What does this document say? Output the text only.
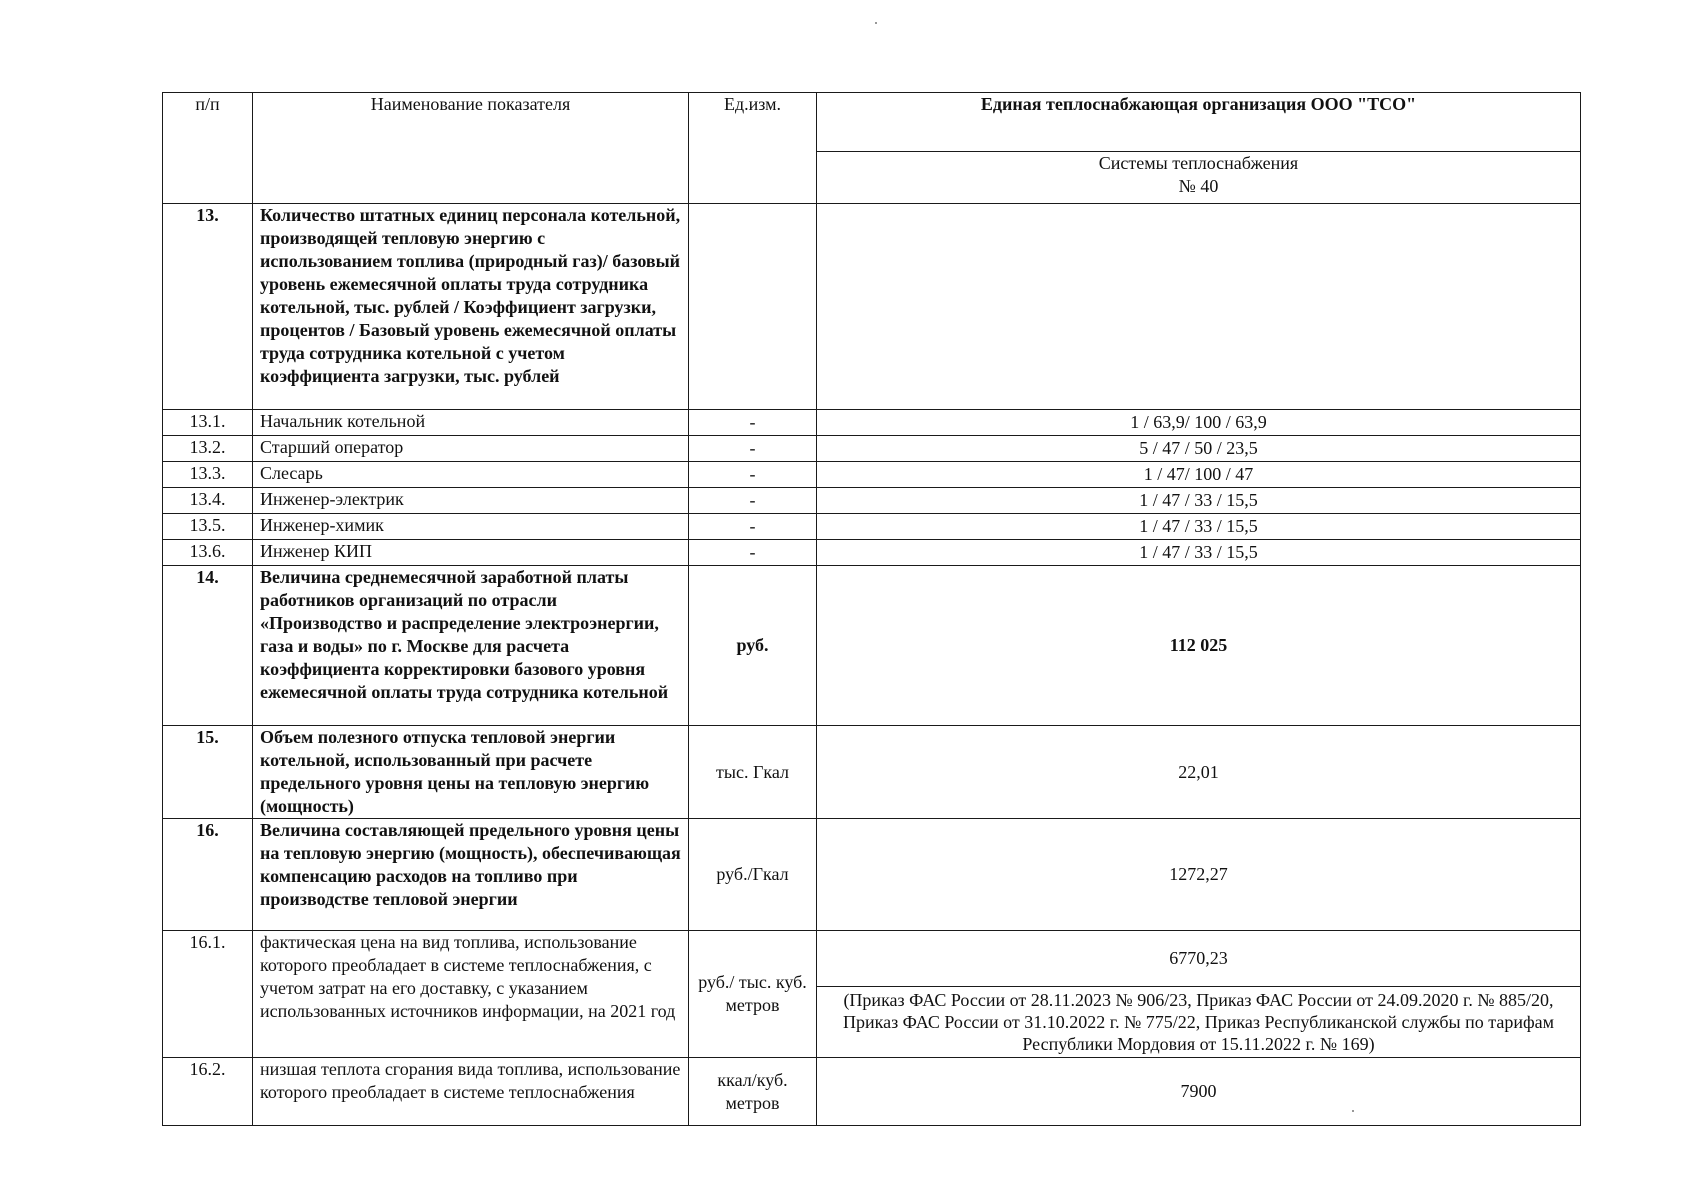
п/п	Наименование показателя	Ед.изм.	Единая теплоснабжающая организация ООО "ТСО"

			Системы теплоснабжения
№ 40

13.	Количество штатных единиц персонала котельной, производящей тепловую энергию с использованием топлива (природный газ)/ базовый уровень ежемесячной оплаты труда сотрудника котельной, тыс. рублей / Коэффициент загрузки, процентов / Базовый уровень ежемесячной оплаты труда сотрудника котельной с учетом коэффициента загрузки, тыс. рублей		
13.1.	Начальник котельной	-	1 / 63,9/ 100 / 63,9
13.2.	Старший оператор	-	5 / 47 / 50 / 23,5
13.3.	Слесарь	-	1 / 47/ 100 / 47
13.4.	Инженер-электрик	-	1 / 47 / 33 / 15,5
13.5.	Инженер-химик	-	1 / 47 / 33 / 15,5
13.6.	Инженер КИП	-	1 / 47 / 33 / 15,5
14.	Величина среднемесячной заработной платы работников организаций по отрасли «Производство и распределение электроэнергии, газа и воды» по г. Москве для расчета коэффициента корректировки базового уровня ежемесячной оплаты труда сотрудника котельной	руб.	112 025
15.	Объем полезного отпуска тепловой энергии котельной, использованный при расчете предельного уровня цены на тепловую энергию (мощность)	тыс. Гкал	22,01
16.	Величина составляющей предельного уровня цены на тепловую энергию (мощность), обеспечивающая компенсацию расходов на топливо при производстве тепловой энергии	руб./Гкал	1272,27
16.1.	фактическая цена на вид топлива, использование которого преобладает в системе теплоснабжения, с учетом затрат на его доставку, с указанием использованных источников информации, на 2021 год	руб./ тыс. куб. метров	6770,23
			(Приказ ФАС России от 28.11.2023 № 906/23, Приказ ФАС России от 24.09.2020 г. № 885/20, Приказ ФАС России от 31.10.2022 г. № 775/22, Приказ Республиканской службы по тарифам Республики Мордовия от 15.11.2022 г. № 169)
16.2.	низшая теплота сгорания вида топлива, использование которого преобладает в системе теплоснабжения	ккал/куб. метров	7900
